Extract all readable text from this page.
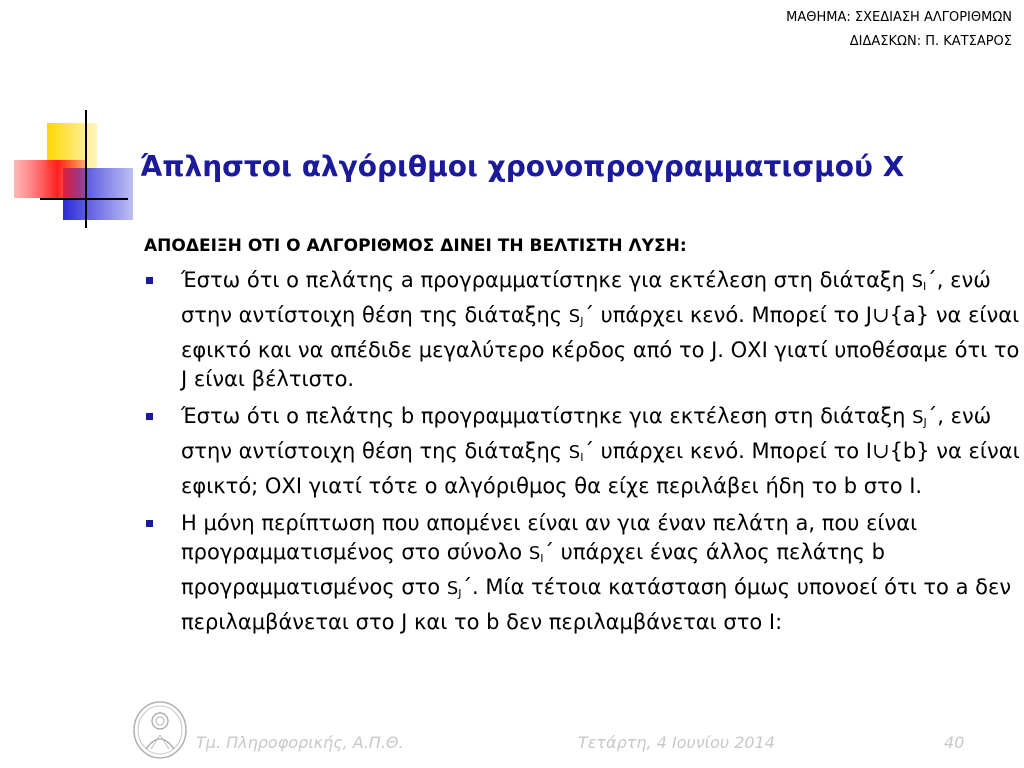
ΜΑΘΗΜΑ: ΣΧΕΔΙΑΣΗ ΑΛΓΟΡΙΘΜΩΝ
ΔΙΔΑΣΚΩΝ: Π. ΚΑΤΣΑΡΟΣ
Άπληστοι αλγόριθμοι χρονοπρογραμματισμού X
ΑΠΟΔΕΙΞΗ ΟΤΙ Ο ΑΛΓΟΡΙΘΜΟΣ ΔΙΝΕΙ ΤΗ ΒΕΛΤΙΣΤΗ ΛΥΣΗ:
Έστω ότι ο πελάτης a προγραμματίστηκε για εκτέλεση στη διάταξη $S_I΄$, ενώ στην αντίστοιχη θέση της διάταξης $S_J΄$ υπάρχει κενό. Μπορεί το J∪{a} να είναι εφικτό και να απέδιδε μεγαλύτερο κέρδος από το J. ΟΧΙ γιατί υποθέσαμε ότι το J είναι βέλτιστο.
Έστω ότι ο πελάτης b προγραμματίστηκε για εκτέλεση στη διάταξη $S_J΄$, ενώ στην αντίστοιχη θέση της διάταξης $S_I΄$ υπάρχει κενό. Μπορεί το I∪{b} να είναι εφικτό; ΟΧΙ γιατί τότε ο αλγόριθμος θα είχε περιλάβει ήδη το b στο I.
Η μόνη περίπτωση που απομένει είναι αν για έναν πελάτη a, που είναι προγραμματισμένος στο σύνολο $S_I΄$ υπάρχει ένας άλλος πελάτης b προγραμματισμένος στο $S_J΄$. Μία τέτοια κατάσταση όμως υπονοεί ότι το a δεν περιλαμβάνεται στο J και το b δεν περιλαμβάνεται στο I:
Τμ. Πληροφορικής, Α.Π.Θ.	Τετάρτη, 4 Ιουνίου 2014	40
